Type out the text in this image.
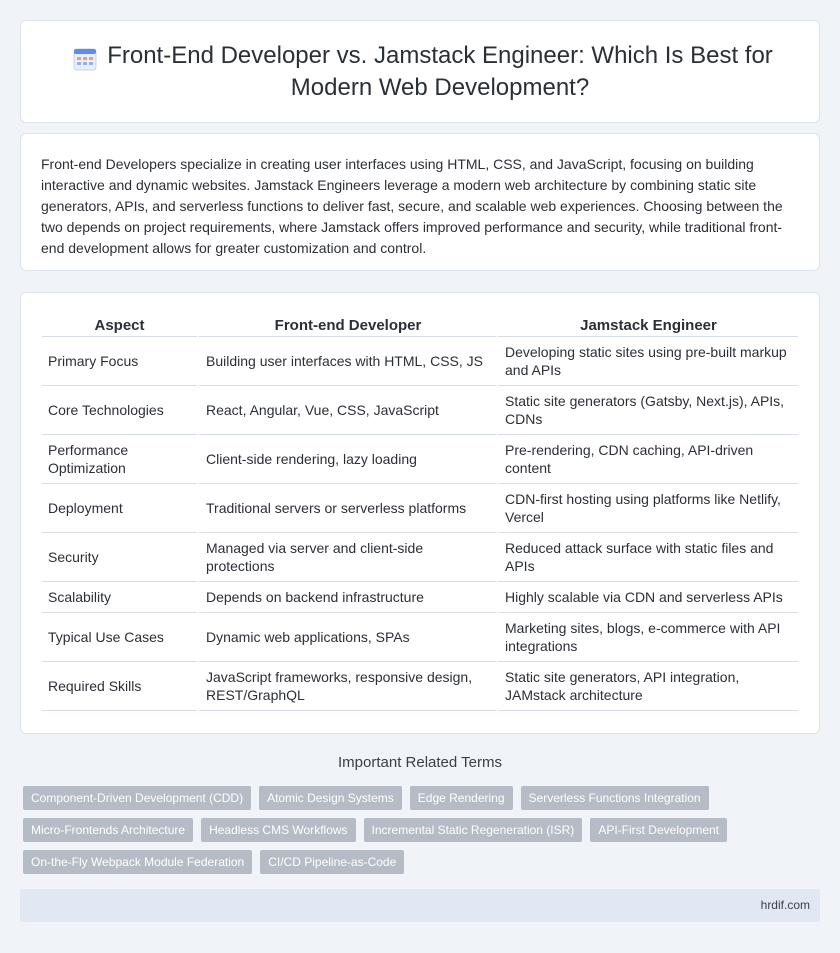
Front-End Developer vs. Jamstack Engineer: Which Is Best for Modern Web Development?

Front-end Developers specialize in creating user interfaces using HTML, CSS, and JavaScript, focusing on building interactive and dynamic websites. Jamstack Engineers leverage a modern web architecture by combining static site generators, APIs, and serverless functions to deliver fast, secure, and scalable web experiences. Choosing between the two depends on project requirements, where Jamstack offers improved performance and security, while traditional front-end development allows for greater customization and control.

Aspect	Front-end Developer	Jamstack Engineer
Primary Focus	Building user interfaces with HTML, CSS, JS	Developing static sites using pre-built markup and APIs
Core Technologies	React, Angular, Vue, CSS, JavaScript	Static site generators (Gatsby, Next.js), APIs, CDNs
Performance Optimization	Client-side rendering, lazy loading	Pre-rendering, CDN caching, API-driven content
Deployment	Traditional servers or serverless platforms	CDN-first hosting using platforms like Netlify, Vercel
Security	Managed via server and client-side protections	Reduced attack surface with static files and APIs
Scalability	Depends on backend infrastructure	Highly scalable via CDN and serverless APIs
Typical Use Cases	Dynamic web applications, SPAs	Marketing sites, blogs, e-commerce with API integrations
Required Skills	JavaScript frameworks, responsive design, REST/GraphQL	Static site generators, API integration, JAMstack architecture
Important Related Terms
Component-Driven Development (CDD)	Atomic Design Systems	Edge Rendering	Serverless Functions Integration
Micro-Frontends Architecture	Headless CMS Workflows	Incremental Static Regeneration (ISR)	API-First Development
On-the-Fly Webpack Module Federation	CI/CD Pipeline-as-Code
hrdif.com
